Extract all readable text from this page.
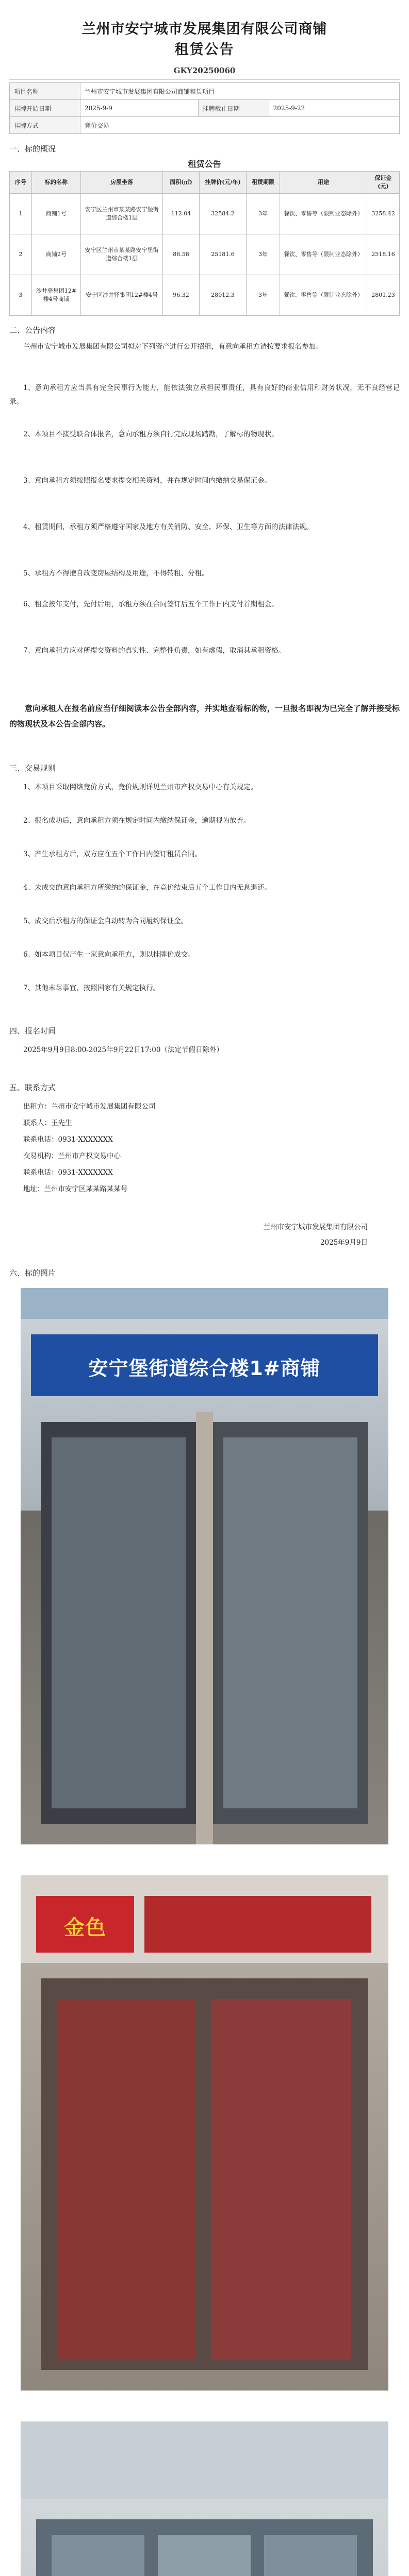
兰州市安宁城市发展集团有限公司商铺
租赁公告
GKY20250060
项目名称	兰州市安宁城市发展集团有限公司商铺租赁项目		
挂牌开始日期	2025-9-9	挂牌截止日期	2025-9-22
挂牌方式	竞价交易		
一、标的概况
租赁公告
序号	标的名称	房屋坐落	面积(㎡)	挂牌价(元/年)	租赁期限	用途	保证金(元)
1	商铺1号	安宁区兰州市某某路安宁堡街道综合楼1层	112.04	32584.2	3年	餐饮、零售等（限制业态除外）	3258.42
2	商铺2号	安宁区兰州市某某路安宁堡街道综合楼1层	86.58	25181.6	3年	餐饮、零售等（限制业态除外）	2518.16
3	沙井驿集团12#楼4号商铺	安宁区沙井驿集团12#楼4号	96.32	28012.3	3年	餐饮、零售等（限制业态除外）	2801.23
二、公告内容
兰州市安宁城市发展集团有限公司拟对下列资产进行公开招租，有意向承租方请按要求报名参加。
1、意向承租方应当具有完全民事行为能力，能依法独立承担民事责任，具有良好的商业信用和财务状况，无不良经营记录。
2、本项目不接受联合体报名，意向承租方须自行完成现场踏勘，了解标的物现状。
3、意向承租方须按照报名要求提交相关资料，并在规定时间内缴纳交易保证金。
4、租赁期间，承租方须严格遵守国家及地方有关消防、安全、环保、卫生等方面的法律法规。
5、承租方不得擅自改变房屋结构及用途，不得转租、分租。
6、租金按年支付，先付后用，承租方须在合同签订后五个工作日内支付首期租金。
7、意向承租方应对所提交资料的真实性、完整性负责，如有虚假，取消其承租资格。
意向承租人在报名前应当仔细阅读本公告全部内容，并实地查看标的物，一旦报名即视为已完全了解并接受标的物现状及本公告全部内容。
三、交易规则
1、本项目采取网络竞价方式，竞价规则详见兰州市产权交易中心有关规定。
2、报名成功后，意向承租方须在规定时间内缴纳保证金，逾期视为放弃。
3、产生承租方后，双方应在五个工作日内签订租赁合同。
4、未成交的意向承租方所缴纳的保证金，在竞价结束后五个工作日内无息退还。
5、成交后承租方的保证金自动转为合同履约保证金。
6、如本项目仅产生一家意向承租方，则以挂牌价成交。
7、其他未尽事宜，按照国家有关规定执行。
四、报名时间
2025年9月9日8:00-2025年9月22日17:00（法定节假日除外）
五、联系方式
出租方：兰州市安宁城市发展集团有限公司
联系人：王先生
联系电话：0931-XXXXXXX
交易机构：兰州市产权交易中心
联系电话：0931-XXXXXXX
地址：兰州市安宁区某某路某某号
兰州市安宁城市发展集团有限公司
2025年9月9日
六、标的图片
安宁堡街道综合楼1#商铺
金色
